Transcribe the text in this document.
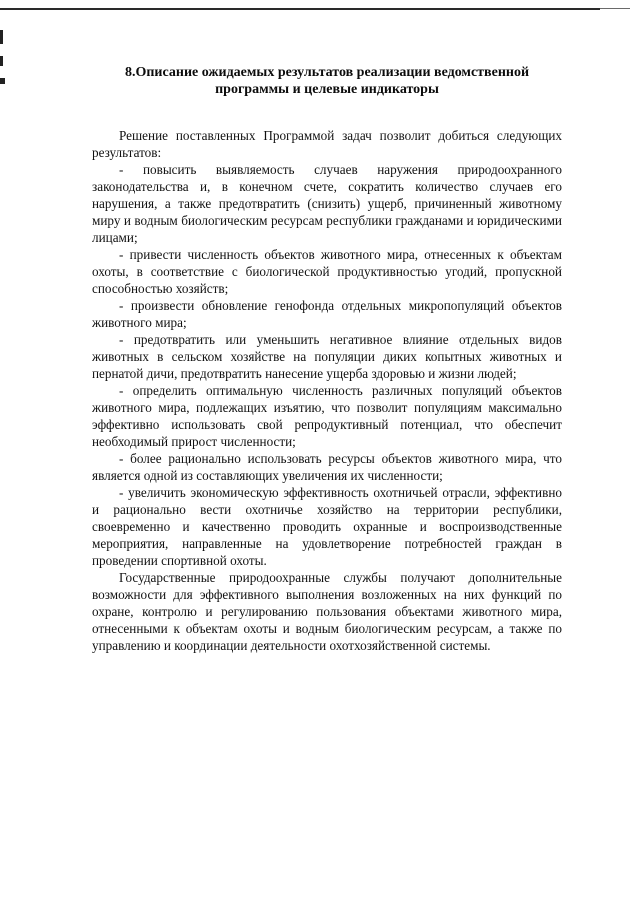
8.Описание ожидаемых результатов реализации ведомственной
программы и целевые индикаторы

Решение поставленных Программой задач позволит добиться следующих результатов:

- повысить выявляемость случаев наружения природоохранного законодательства и, в конечном счете, сократить количество случаев его нарушения, а также предотвратить (снизить) ущерб, причиненный животному миру и водным биологическим ресурсам республики гражданами и юридическими лицами;

- привести численность объектов животного мира, отнесенных к объектам охоты, в соответствие с биологической продуктивностью угодий, пропускной способностью хозяйств;

- произвести обновление генофонда отдельных микропопуляций объектов животного мира;

- предотвратить или уменьшить негативное влияние отдельных видов животных в сельском хозяйстве на популяции диких копытных животных и пернатой дичи, предотвратить нанесение ущерба здоровью и жизни людей;

- определить оптимальную численность различных популяций объектов животного мира, подлежащих изъятию, что позволит популяциям максимально эффективно использовать свой репродуктивный потенциал, что обеспечит необходимый прирост численности;

- более рационально использовать ресурсы объектов животного мира, что является одной из составляющих увеличения их численности;

- увеличить экономическую эффективность охотничьей отрасли, эффективно и рационально вести охотничье хозяйство на территории республики, своевременно и качественно проводить охранные и воспроизводственные мероприятия, направленные на удовлетворение потребностей граждан в проведении спортивной охоты.

Государственные природоохранные службы получают дополнительные возможности для эффективного выполнения возложенных на них функций по охране, контролю и регулированию пользования объектами животного мира, отнесенными к объектам охоты и водным биологическим ресурсам, а также по управлению и координации деятельности охотхозяйственной системы.
